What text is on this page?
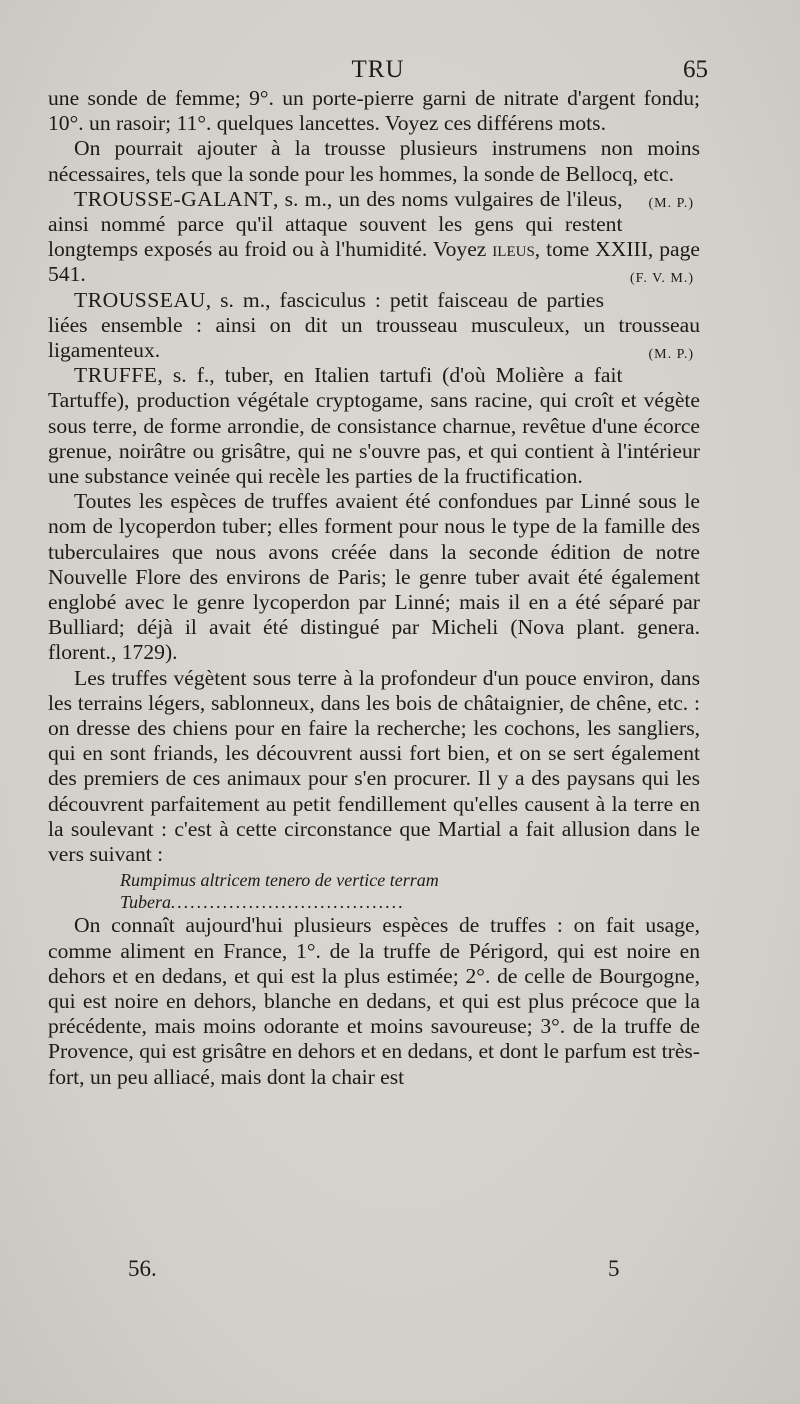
TRU	65

une sonde de femme; 9°. un porte-pierre garni de nitrate d'argent fondu; 10°. un rasoir; 11°. quelques lancettes. Voyez ces différens mots.

On pourrait ajouter à la trousse plusieurs instrumens non moins nécessaires, tels que la sonde pour les hommes, la sonde de Bellocq, etc.
(M. P.)

TROUSSE-GALANT, s. m., un des noms vulgaires de l'ileus, ainsi nommé parce qu'il attaque souvent les gens qui restent longtemps exposés au froid ou à l'humidité. Voyez ileus, tome XXIII, page 541.	(F. V. M.)

TROUSSEAU, s. m., fasciculus : petit faisceau de parties liées ensemble : ainsi on dit un trousseau musculeux, un trousseau ligamenteux.	(M. P.)

TRUFFE, s. f., tuber, en Italien tartufi (d'où Molière a fait Tartuffe), production végétale cryptogame, sans racine, qui croît et végète sous terre, de forme arrondie, de consistance charnue, revêtue d'une écorce grenue, noirâtre ou grisâtre, qui ne s'ouvre pas, et qui contient à l'intérieur une substance veinée qui recèle les parties de la fructification.

Toutes les espèces de truffes avaient été confondues par Linné sous le nom de lycoperdon tuber; elles forment pour nous le type de la famille des tuberculaires que nous avons créée dans la seconde édition de notre Nouvelle Flore des environs de Paris; le genre tuber avait été également englobé avec le genre lycoperdon par Linné; mais il en a été séparé par Bulliard; déjà il avait été distingué par Micheli (Nova plant. genera. florent., 1729).

Les truffes végètent sous terre à la profondeur d'un pouce environ, dans les terrains légers, sablonneux, dans les bois de châtaignier, de chêne, etc. : on dresse des chiens pour en faire la recherche; les cochons, les sangliers, qui en sont friands, les découvrent aussi fort bien, et on se sert également des premiers de ces animaux pour s'en procurer. Il y a des paysans qui les découvrent parfaitement au petit fendillement qu'elles causent à la terre en la soulevant : c'est à cette circonstance que Martial a fait allusion dans le vers suivant :

Rumpimus altricem tenero de vertice terram
Tubera....................................

On connaît aujourd'hui plusieurs espèces de truffes : on fait usage, comme aliment en France, 1°. de la truffe de Périgord, qui est noire en dehors et en dedans, et qui est la plus estimée; 2°. de celle de Bourgogne, qui est noire en dehors, blanche en dedans, et qui est plus précoce que la précédente, mais moins odorante et moins savoureuse; 3°. de la truffe de Provence, qui est grisâtre en dehors et en dedans, et dont le parfum est très-fort, un peu alliacé, mais dont la chair est

56.	5
